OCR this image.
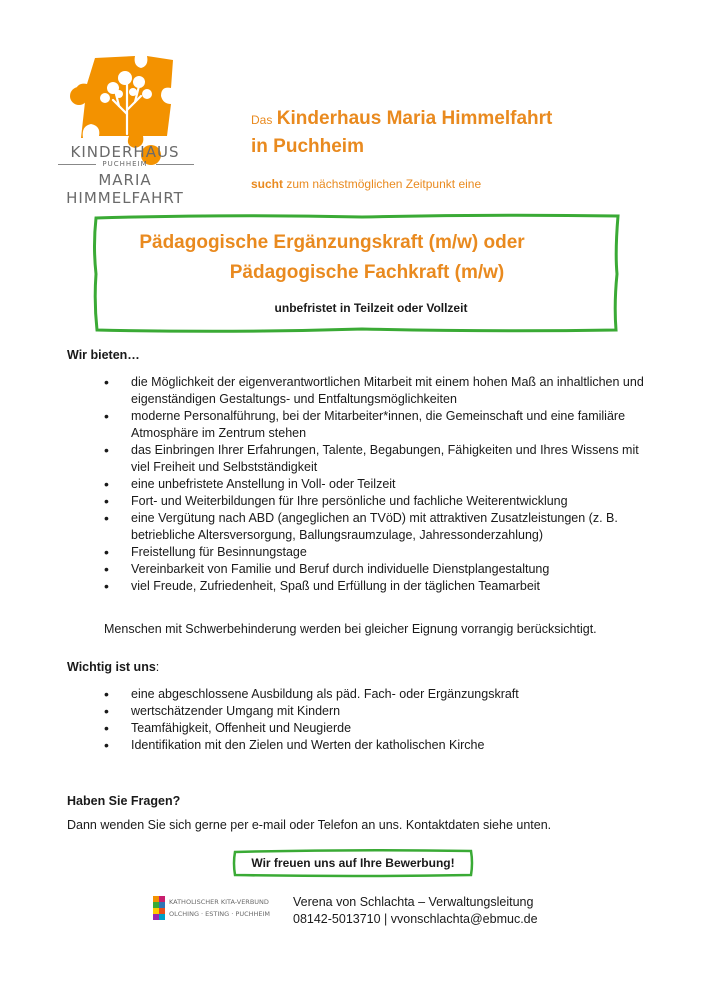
KINDERHAUS
PUCHHEIM
MARIA HIMMELFAHRT
Das Kinderhaus Maria Himmelfahrt
in Puchheim
sucht zum nächstmöglichen Zeitpunkt eine
Pädagogische Ergänzungskraft (m/w) oder
Pädagogische Fachkraft (m/w)
unbefristet in Teilzeit oder Vollzeit
Wir bieten…
• die Möglichkeit der eigenverantwortlichen Mitarbeit mit einem hohen Maß an inhaltlichen und eigenständigen Gestaltungs- und Entfaltungsmöglichkeiten
• moderne Personalführung, bei der Mitarbeiter*innen, die Gemeinschaft und eine familiäre Atmosphäre im Zentrum stehen
• das Einbringen Ihrer Erfahrungen, Talente, Begabungen, Fähigkeiten und Ihres Wissens mit viel Freiheit und Selbstständigkeit
• eine unbefristete Anstellung in Voll- oder Teilzeit
• Fort- und Weiterbildungen für Ihre persönliche und fachliche Weiterentwicklung
• eine Vergütung nach ABD (angeglichen an TVöD) mit attraktiven Zusatzleistungen (z. B. betriebliche Altersversorgung, Ballungsraumzulage, Jahressonderzahlung)
• Freistellung für Besinnungstage
• Vereinbarkeit von Familie und Beruf durch individuelle Dienstplangestaltung
• viel Freude, Zufriedenheit, Spaß und Erfüllung in der täglichen Teamarbeit
Menschen mit Schwerbehinderung werden bei gleicher Eignung vorrangig berücksichtigt.
Wichtig ist uns:
• eine abgeschlossene Ausbildung als päd. Fach- oder Ergänzungskraft
• wertschätzender Umgang mit Kindern
• Teamfähigkeit, Offenheit und Neugierde
• Identifikation mit den Zielen und Werten der katholischen Kirche
Haben Sie Fragen?
Dann wenden Sie sich gerne per e-mail oder Telefon an uns. Kontaktdaten siehe unten.
Wir freuen uns auf Ihre Bewerbung!
KATHOLISCHER KITA-VERBUND
OLCHING · ESTING · PUCHHEIM
Verena von Schlachta – Verwaltungsleitung
08142-5013710 | vvonschlachta@ebmuc.de
